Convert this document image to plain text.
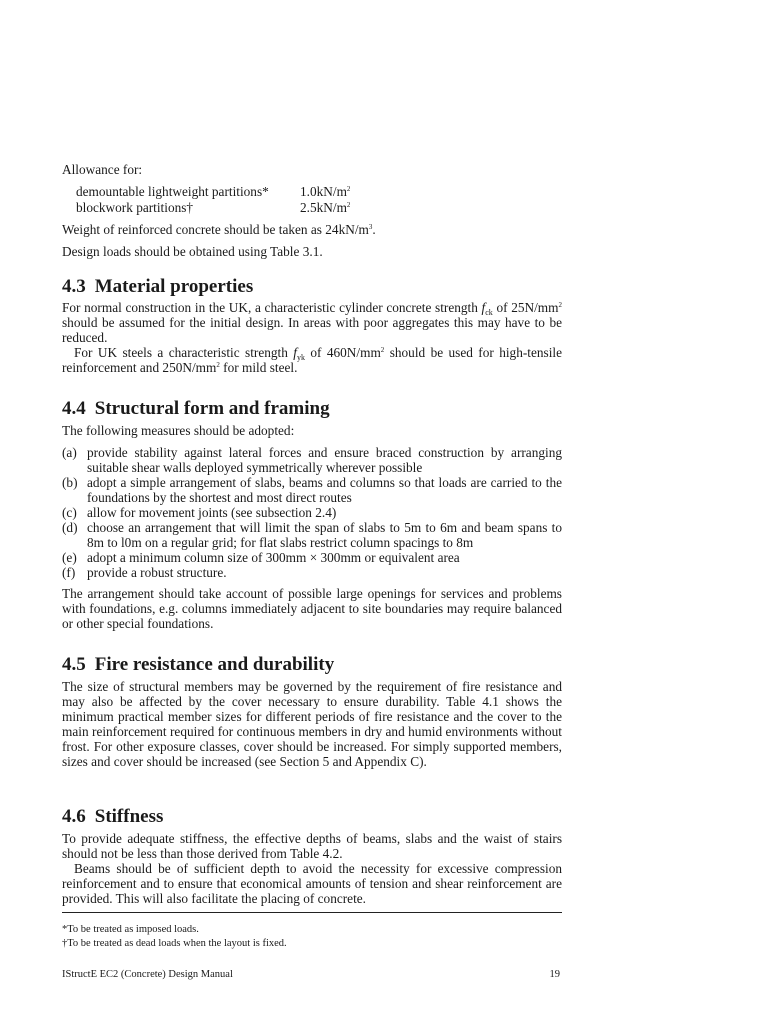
Allowance for:

demountable lightweight partitions* $1.0kN/m^2$
blockwork partitions†	$2.5kN/m^2$

Weight of reinforced concrete should be taken as $24kN/m^3$.

Design loads should be obtained using Table 3.1.

4.3 Material properties

For normal construction in the UK, a characteristic cylinder concrete strength $f_{ck}$ of $25N/mm^2$ should be assumed for the initial design. In areas with poor aggregates this may have to be reduced.

For UK steels a characteristic strength $f_{yk}$ of $460N/mm^2$ should be used for high-tensile reinforcement and $250N/mm^2$ for mild steel.

4.4 Structural form and framing

The following measures should be adopted:

(a) provide stability against lateral forces and ensure braced construction by arranging suitable shear walls deployed symmetrically wherever possible
(b) adopt a simple arrangement of slabs, beams and columns so that loads are carried to the foundations by the shortest and most direct routes
(c) allow for movement joints (see subsection 2.4)
(d) choose an arrangement that will limit the span of slabs to 5m to 6m and beam spans to 8m to l0m on a regular grid; for flat slabs restrict column spacings to 8m
(e) adopt a minimum column size of 300mm × 300mm or equivalent area
(f) provide a robust structure.

The arrangement should take account of possible large openings for services and problems with foundations, e.g. columns immediately adjacent to site boundaries may require balanced or other special foundations.

4.5 Fire resistance and durability

The size of structural members may be governed by the requirement of fire resistance and may also be affected by the cover necessary to ensure durability. Table 4.1 shows the minimum practical member sizes for different periods of fire resistance and the cover to the main reinforcement required for continuous members in dry and humid environments without frost. For other exposure classes, cover should be increased. For simply supported members, sizes and cover should be increased (see Section 5 and Appendix C).

4.6 Stiffness

To provide adequate stiffness, the effective depths of beams, slabs and the waist of stairs should not be less than those derived from Table 4.2.

Beams should be of sufficient depth to avoid the necessity for excessive compression reinforcement and to ensure that economical amounts of tension and shear reinforcement are provided. This will also facilitate the placing of concrete.

*To be treated as imposed loads.

†To be treated as dead loads when the layout is fixed.

IStructE EC2 (Concrete) Design Manual	19
